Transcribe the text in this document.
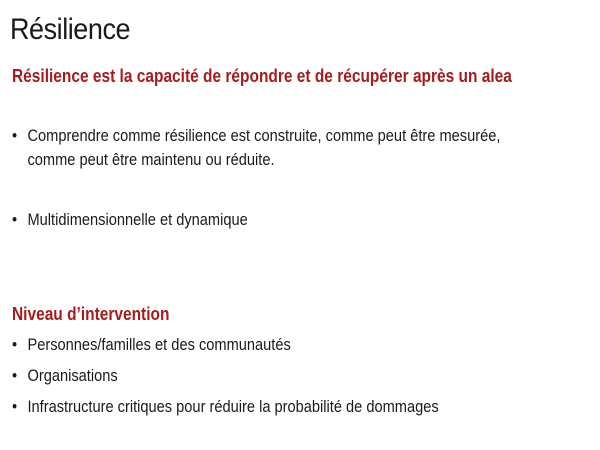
Résilience
Résilience est la capacité de répondre et de récupérer après un alea
• Comprendre comme résilience est construite, comme peut être mesurée,
comme peut être maintenu ou réduite.
• Multidimensionnelle et dynamique
Niveau d’intervention
• Personnes/familles et des communautés
• Organisations
• Infrastructure critiques pour réduire la probabilité de dommages
